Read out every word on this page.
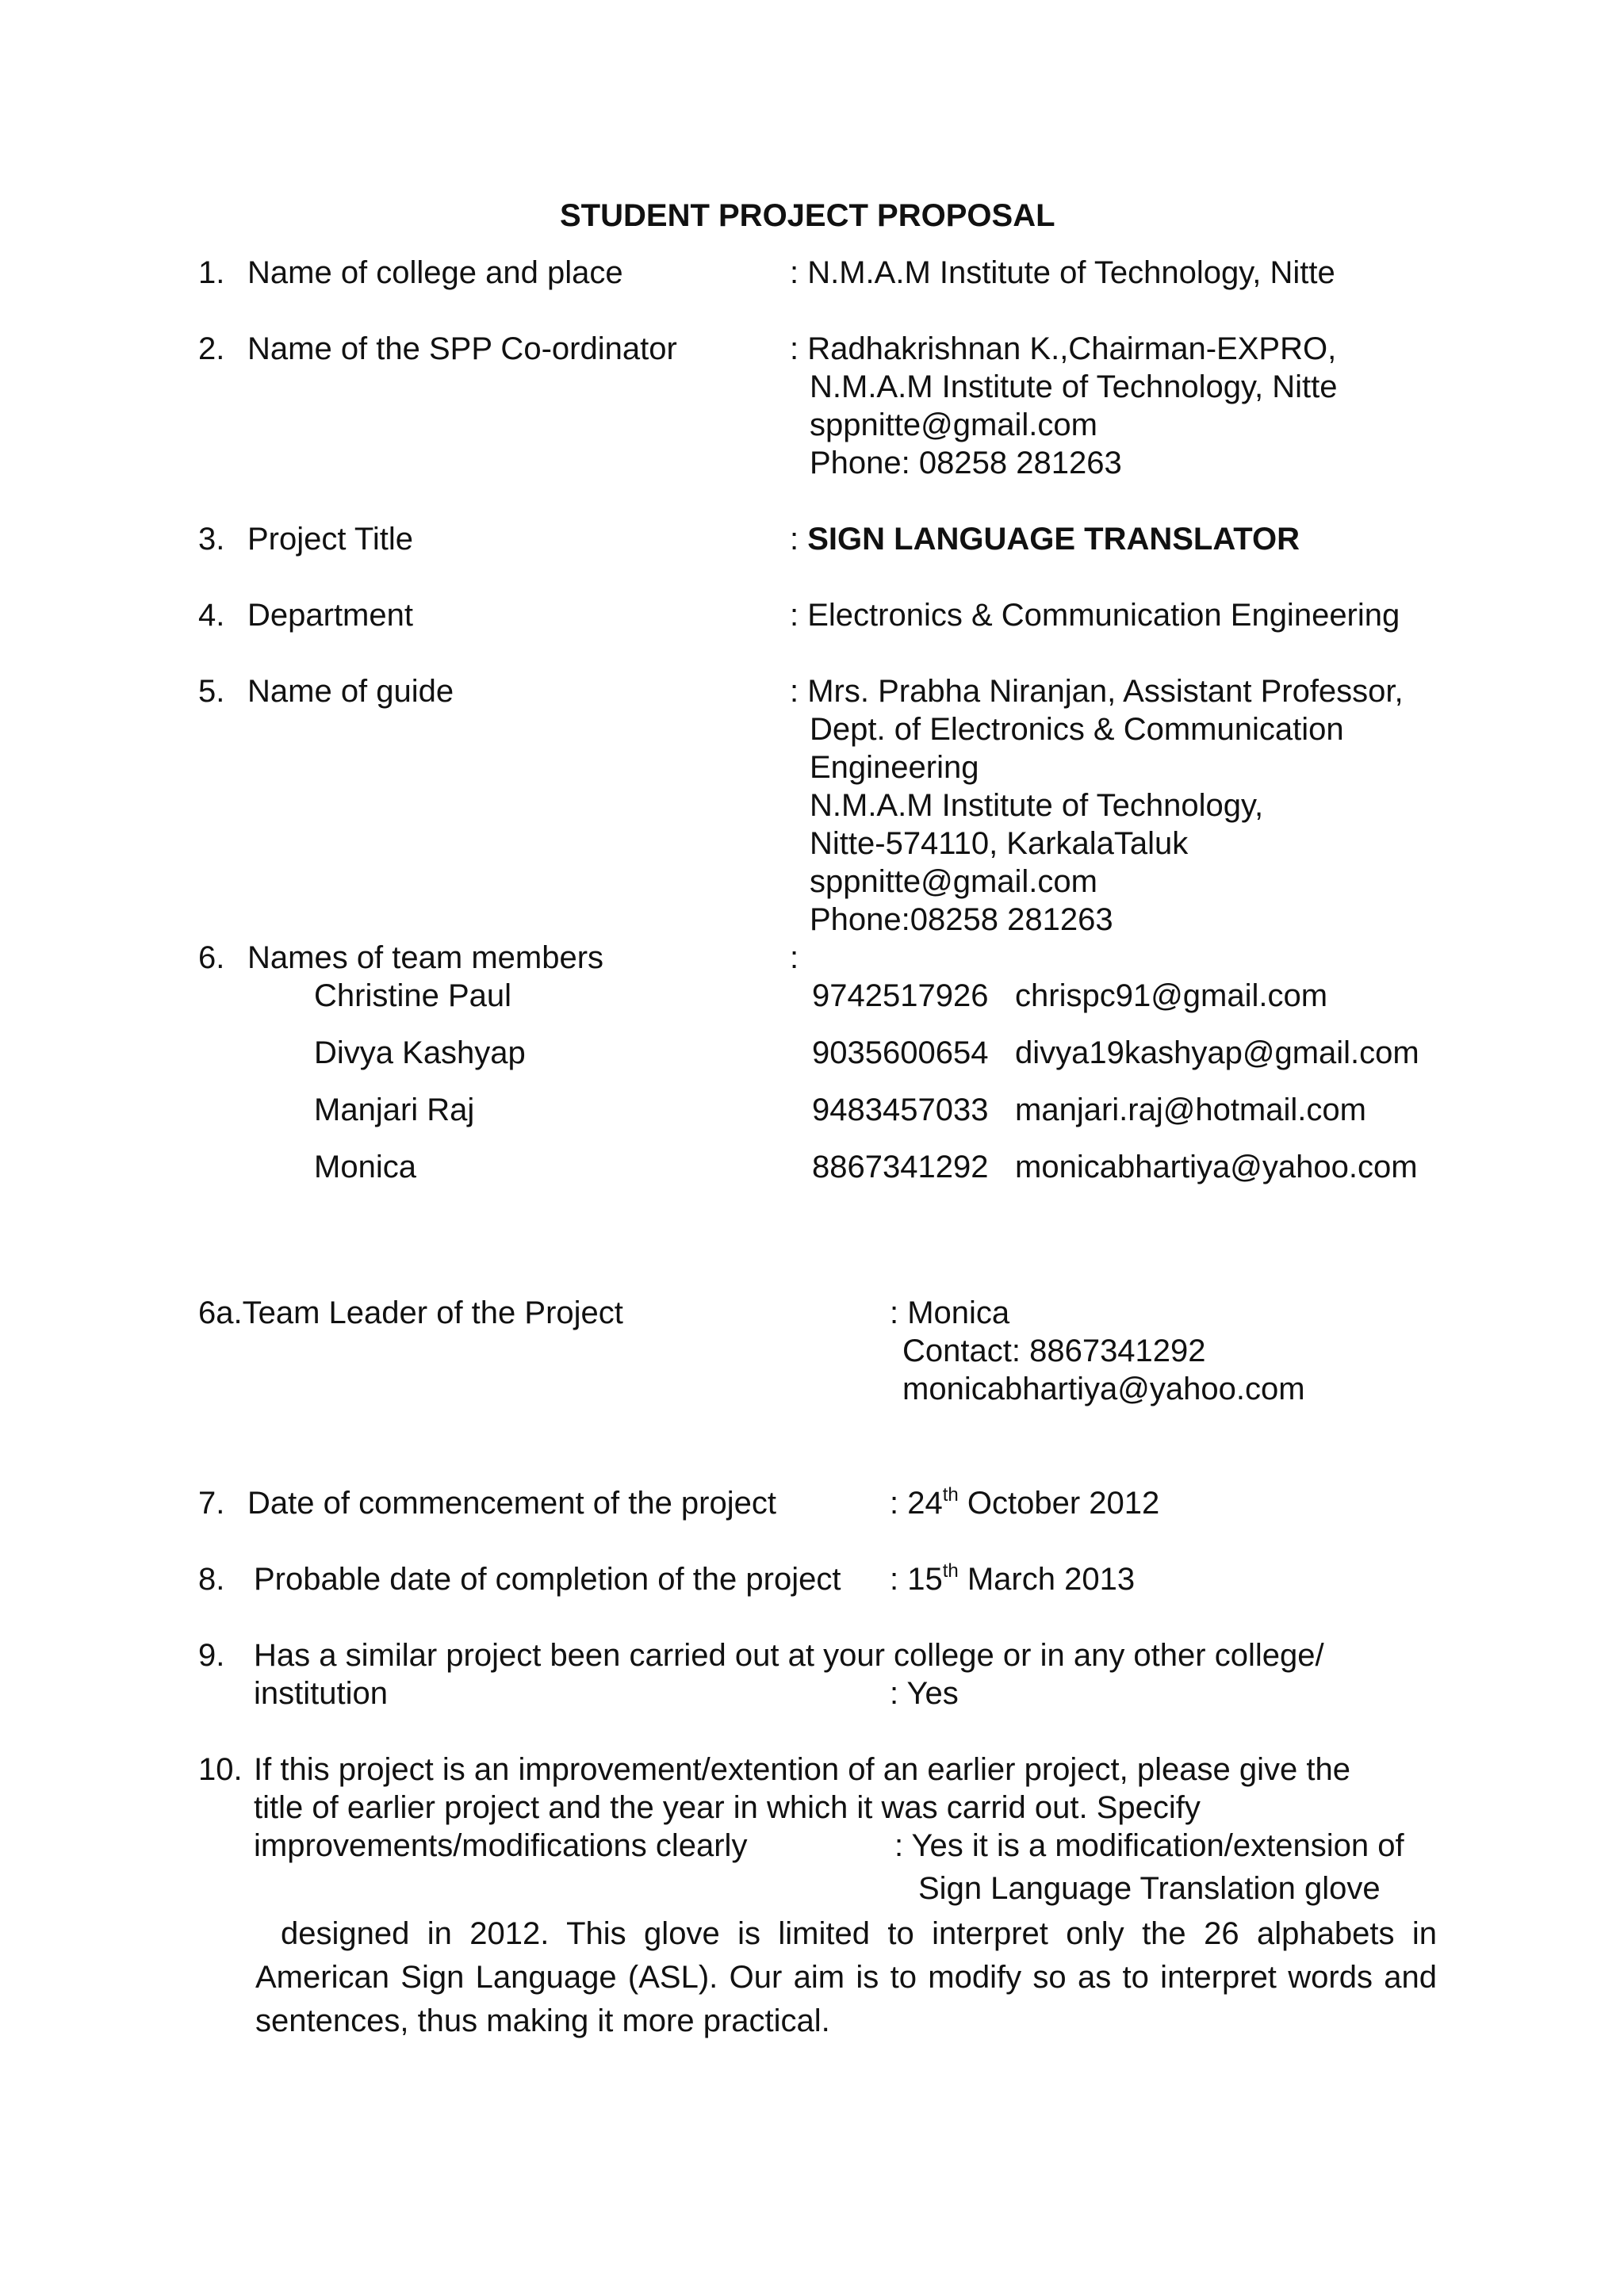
STUDENT PROJECT PROPOSAL
1. Name of college and place	: N.M.A.M Institute of Technology, Nitte
2. Name of the SPP Co-ordinator	: Radhakrishnan K.,Chairman-EXPRO,
N.M.A.M Institute of Technology, Nitte
sppnitte@gmail.com
Phone: 08258 281263
3. Project Title	: SIGN LANGUAGE TRANSLATOR
4. Department	: Electronics & Communication Engineering
5. Name of guide	: Mrs. Prabha Niranjan, Assistant Professor,
Dept. of Electronics & Communication
Engineering
N.M.A.M Institute of Technology,
Nitte-574110, KarkalaTaluk
sppnitte@gmail.com
Phone:08258 281263
6. Names of team members	:
Christine Paul	9742517926 chrispc91@gmail.com
Divya Kashyap	9035600654 divya19kashyap@gmail.com
Manjari Raj	9483457033 manjari.raj@hotmail.com
Monica	8867341292 monicabhartiya@yahoo.com
6a.Team Leader of the Project	: Monica
Contact: 8867341292
monicabhartiya@yahoo.com
7. Date of commencement of the project	: 24th October 2012
8. Probable date of completion of the project : 15th March 2013
9. Has a similar project been carried out at your college or in any other college/
institution	: Yes
10. If this project is an improvement/extention of an earlier project, please give the
title of earlier project and the year in which it was carrid out. Specify
improvements/modifications clearly	: Yes it is a modification/extension of
Sign Language Translation glove
designed in 2012. This glove is limited to interpret only the 26 alphabets in American Sign Language (ASL). Our aim is to modify so as to interpret words and sentences, thus making it more practical.
